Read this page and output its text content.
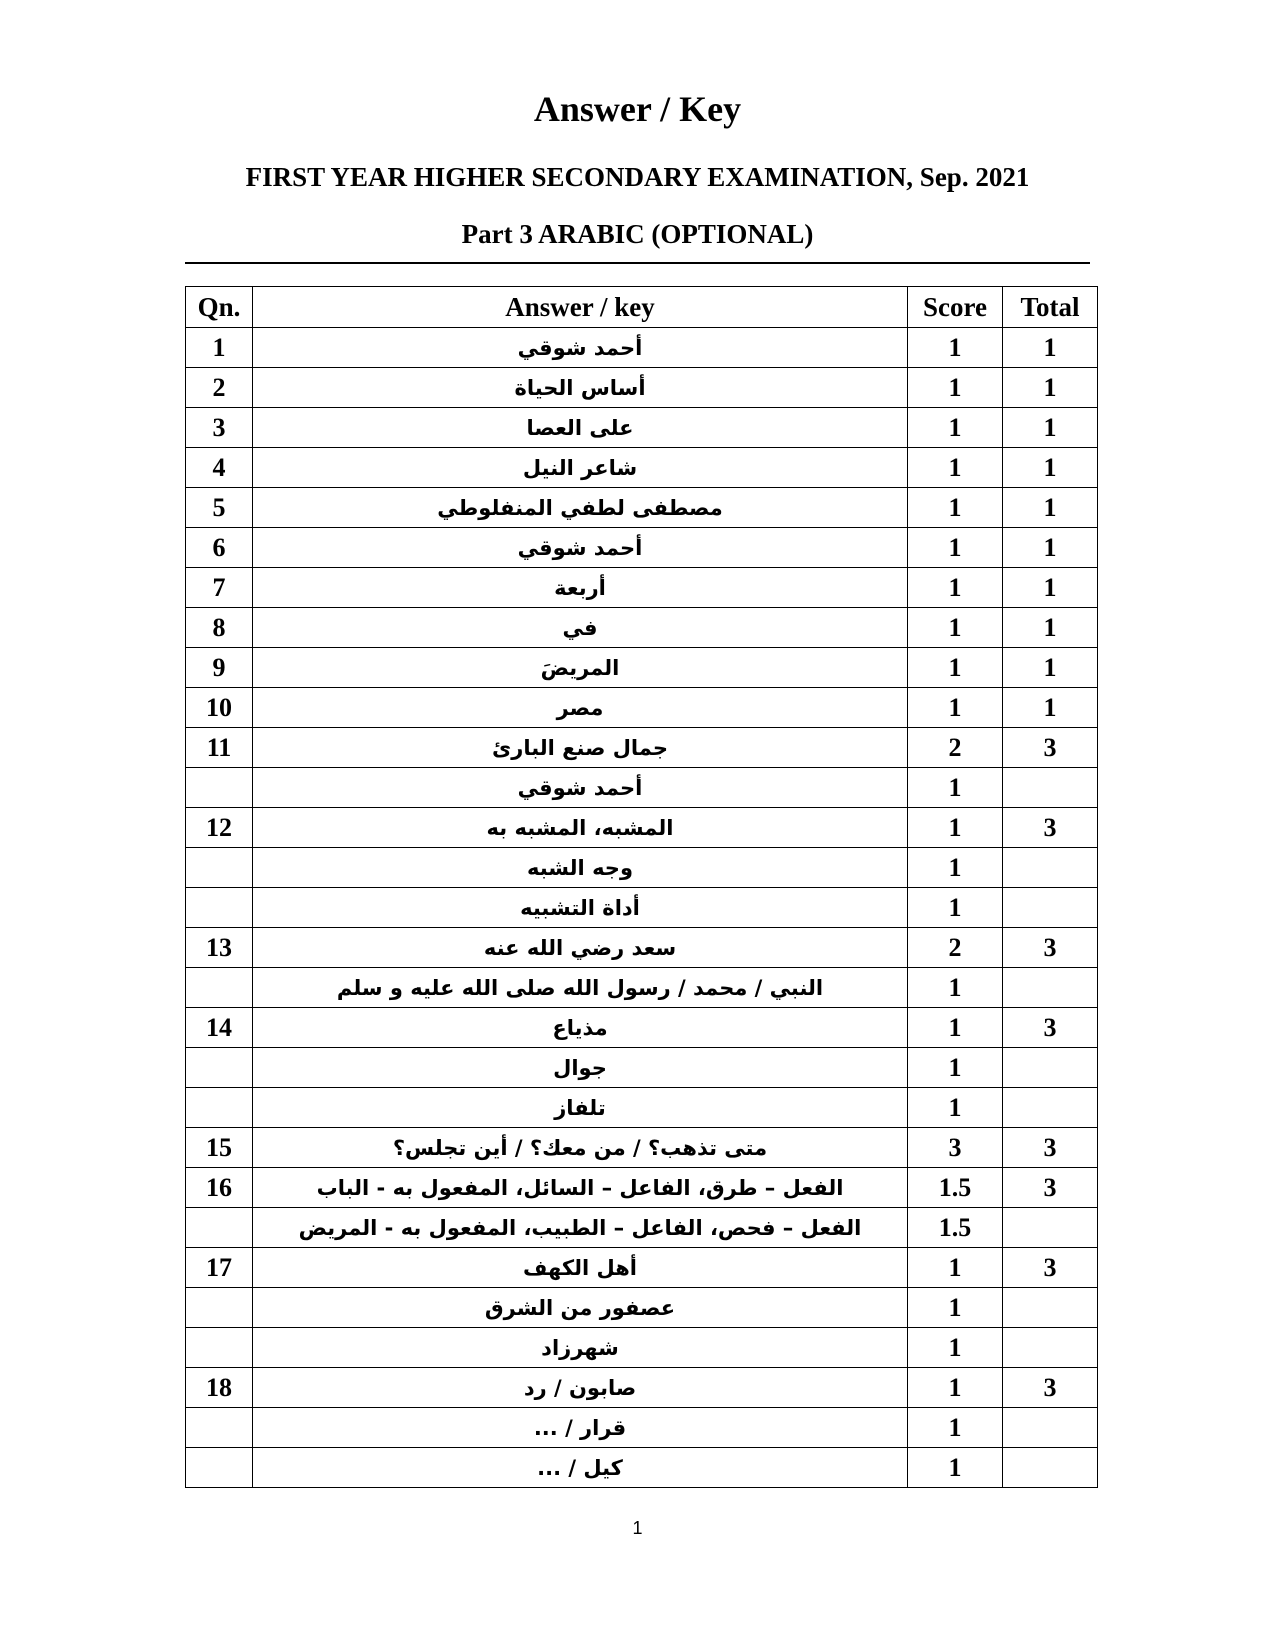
Answer / Key
FIRST YEAR HIGHER SECONDARY EXAMINATION, Sep. 2021
Part 3 ARABIC (OPTIONAL)
Qn.	Answer / key	Score	Total
1	أحمد شوقي	1	1
2	أساس الحياة	1	1
3	على العصا	1	1
4	شاعر النيل	1	1
5	مصطفى لطفي المنفلوطي	1	1
6	أحمد شوقي	1	1
7	أربعة	1	1
8	في	1	1
9	المريضَ	1	1
10	مصر	1	1
11	جمال صنع البارئ	2	3
	أحمد شوقي	1	
12	المشبه، المشبه به	1	3
	وجه الشبه	1	
	أداة التشبيه	1	
13	سعد رضي الله عنه	2	3
	النبي / محمد / رسول الله صلى الله عليه و سلم	1	
14	مذياع	1	3
	جوال	1	
	تلفاز	1	
15	متى تذهب؟ / من معك؟ / أين تجلس؟	3	3
16	الفعل – طرق، الفاعل – السائل، المفعول به - الباب	1.5	3
	الفعل – فحص، الفاعل – الطبيب، المفعول به - المريض	1.5	
17	أهل الكهف	1	3
	عصفور من الشرق	1	
	شهرزاد	1	
18	صابون / رد	1	3
	قرار / ...	1	
	كيل / ...	1	
1
